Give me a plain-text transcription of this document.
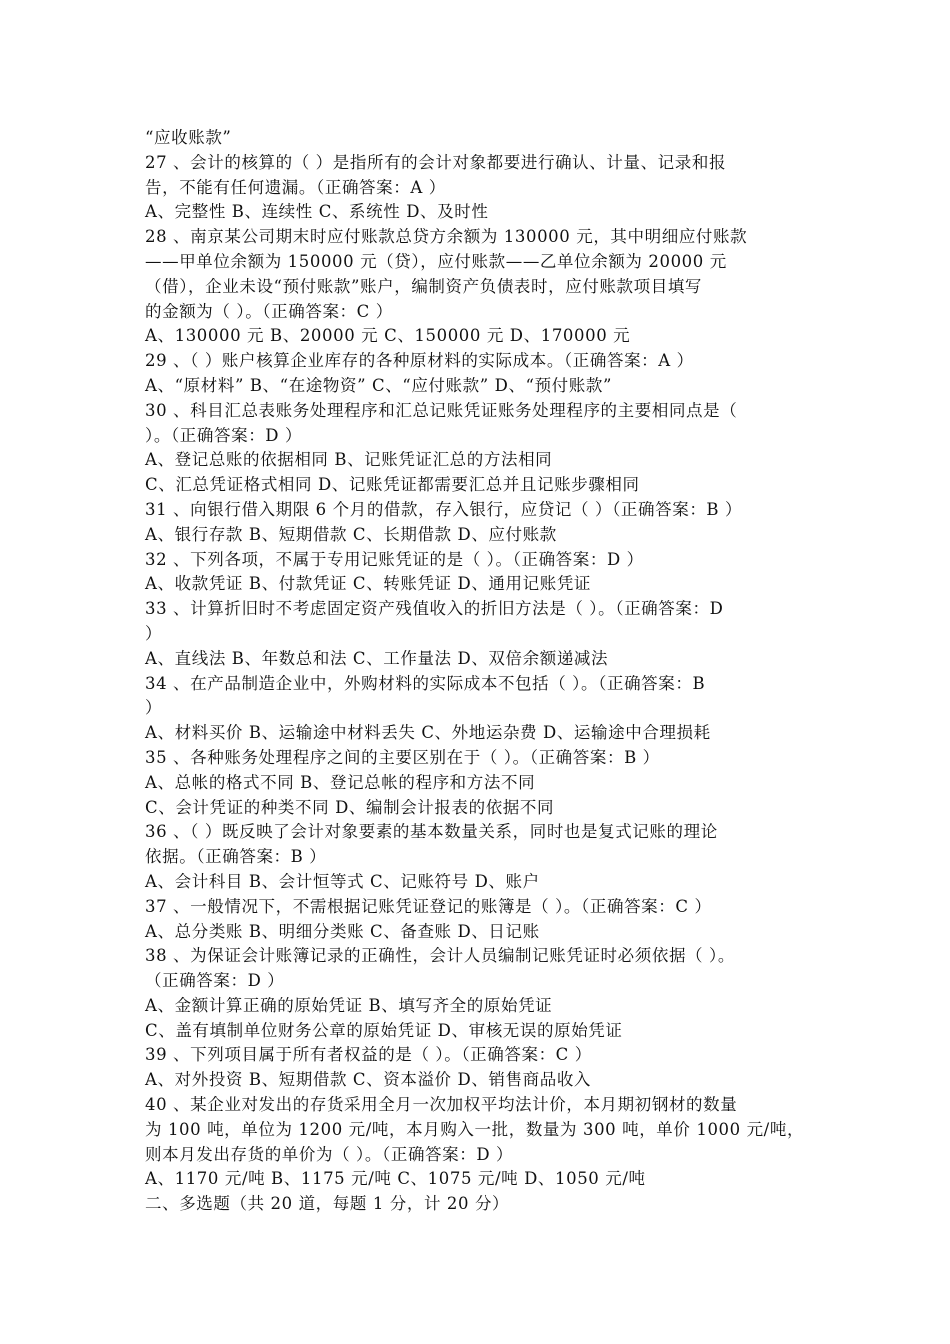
“应收账款”
27 、会计的核算的（ ）是指所有的会计对象都要进行确认、计量、记录和报
告，不能有任何遗漏。（正确答案：A ）
A、完整性 B、连续性 C、系统性 D、及时性
28 、南京某公司期末时应付账款总贷方余额为 130000 元，其中明细应付账款
——甲单位余额为 150000 元（贷），应付账款——乙单位余额为 20000 元
（借），企业未设“预付账款”账户，编制资产负债表时，应付账款项目填写
的金额为（ ）。（正确答案：C ）
A、130000 元 B、20000 元 C、150000 元 D、170000 元
29 、（ ）账户核算企业库存的各种原材料的实际成本。（正确答案：A ）
A、“原材料” B、“在途物资” C、“应付账款” D、“预付账款”
30 、科目汇总表账务处理程序和汇总记账凭证账务处理程序的主要相同点是（
）。（正确答案：D ）
A、登记总账的依据相同 B、记账凭证汇总的方法相同
C、汇总凭证格式相同 D、记账凭证都需要汇总并且记账步骤相同
31 、向银行借入期限 6 个月的借款，存入银行，应贷记（ ）（正确答案：B ）
A、银行存款 B、短期借款 C、长期借款 D、应付账款
32 、下列各项，不属于专用记账凭证的是（ ）。（正确答案：D ）
A、收款凭证 B、付款凭证 C、转账凭证 D、通用记账凭证
33 、计算折旧时不考虑固定资产残值收入的折旧方法是（ ）。（正确答案：D
）
A、直线法 B、年数总和法 C、工作量法 D、双倍余额递减法
34 、在产品制造企业中，外购材料的实际成本不包括（ ）。（正确答案：B
）
A、材料买价 B、运输途中材料丢失 C、外地运杂费 D、运输途中合理损耗
35 、各种账务处理程序之间的主要区别在于（ ）。（正确答案：B ）
A、总帐的格式不同 B、登记总帐的程序和方法不同
C、会计凭证的种类不同 D、编制会计报表的依据不同
36 、（ ）既反映了会计对象要素的基本数量关系，同时也是复式记账的理论
依据。（正确答案：B ）
A、会计科目 B、会计恒等式 C、记账符号 D、账户
37 、一般情况下，不需根据记账凭证登记的账簿是（ ）。（正确答案：C ）
A、总分类账 B、明细分类账 C、备查账 D、日记账
38 、为保证会计账簿记录的正确性，会计人员编制记账凭证时必须依据（ ）。
（正确答案：D ）
A、金额计算正确的原始凭证 B、填写齐全的原始凭证
C、盖有填制单位财务公章的原始凭证 D、审核无误的原始凭证
39 、下列项目属于所有者权益的是（ ）。（正确答案：C ）
A、对外投资 B、短期借款 C、资本溢价 D、销售商品收入
40 、某企业对发出的存货采用全月一次加权平均法计价，本月期初钢材的数量
为 100 吨，单位为 1200 元/吨，本月购入一批，数量为 300 吨，单价 1000 元/吨，
则本月发出存货的单价为（ ）。（正确答案：D ）
A、1170 元/吨 B、1175 元/吨 C、1075 元/吨 D、1050 元/吨
二、多选题（共 20 道，每题 1 分，计 20 分）
